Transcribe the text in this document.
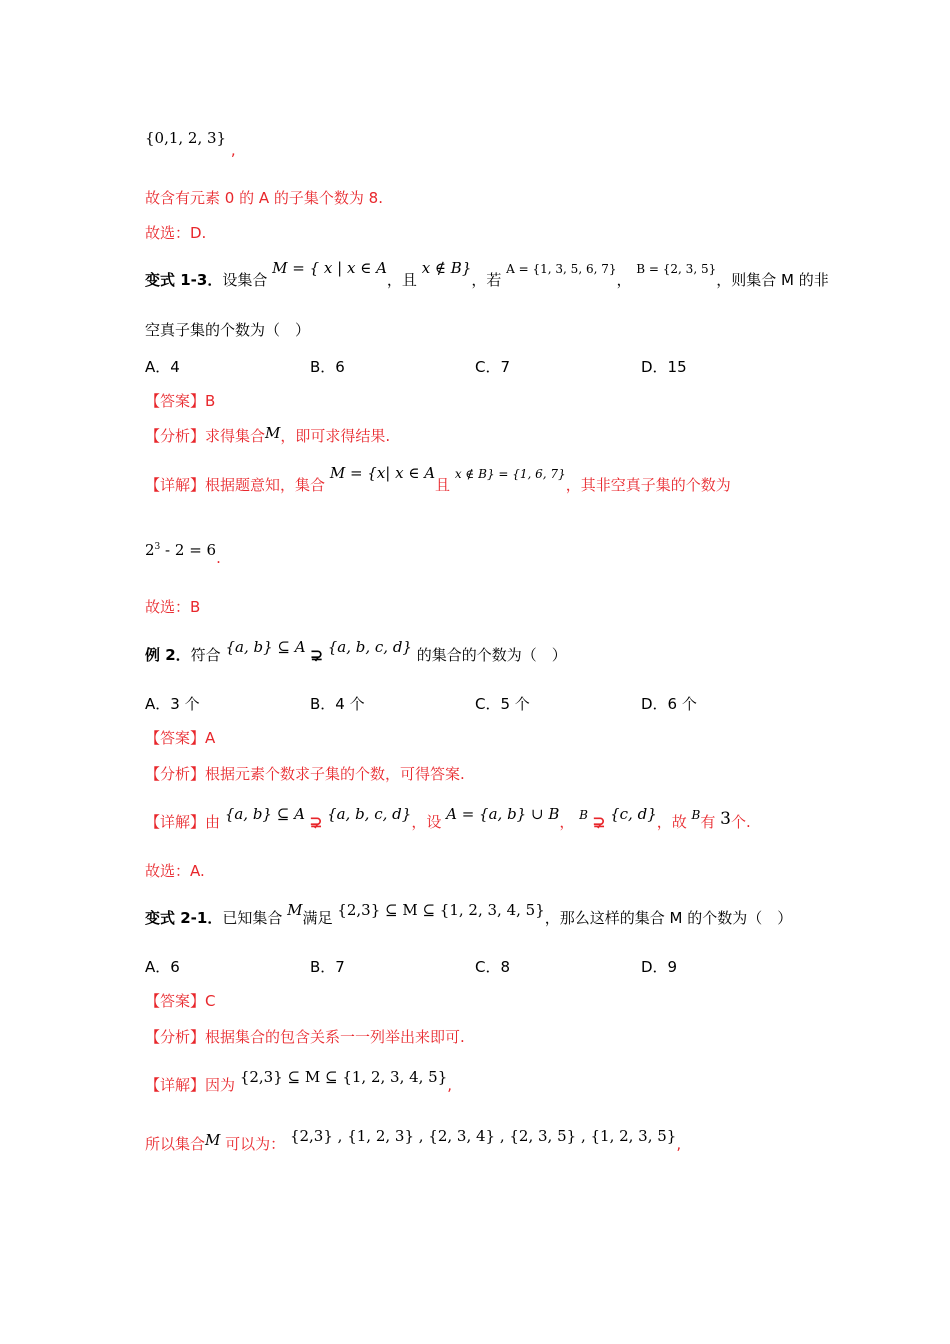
{0,1, 2, 3} ,
故含有元素 0 的 A 的子集个数为 8.
故选：D.
变式 1-3．设集合 M = { x | x ∈ A，且 x ∉ B}，若 $^{A = \{1, 3, 5, 6, 7\}}$， $^{B = \{2, 3, 5\}}$，则集合 M 的非
空真子集的个数为（　）
A．4	B．6	C．7	D．15
【答案】B
【分析】求得集合M，即可求得结果.
【详解】根据题意知，集合 M = {x| x ∈ A且 $^{x \notin B\} = \{1, 6, 7\}}$，其非空真子集的个数为
$2^3 - 2 = 6$.
故选：B
例 2．符合 {a, b} ⊆ A ⊋ {a, b, c, d} 的集合的个数为（　）
A．3 个	B．4 个	C．5 个	D．6 个
【答案】A
【分析】根据元素个数求子集的个数，可得答案.
【详解】由 {a, b} ⊆ A ⊋ {a, b, c, d}，设 A = {a, b} ∪ B， $^B$ ⊋ {c, d}，故 $^B$有 3个.
故选：A.
变式 2-1．已知集合 M满足 {2,3} ⊆ M ⊆ {1, 2, 3, 4, 5}，那么这样的集合 M 的个数为（　）
A．6	B．7	C．8	D．9
【答案】C
【分析】根据集合的包含关系一一列举出来即可.
【详解】因为 {2,3} ⊆ M ⊆ {1, 2, 3, 4, 5},
所以集合M 可以为： {2,3} , {1, 2, 3} , {2, 3, 4} , {2, 3, 5} , {1, 2, 3, 5},
